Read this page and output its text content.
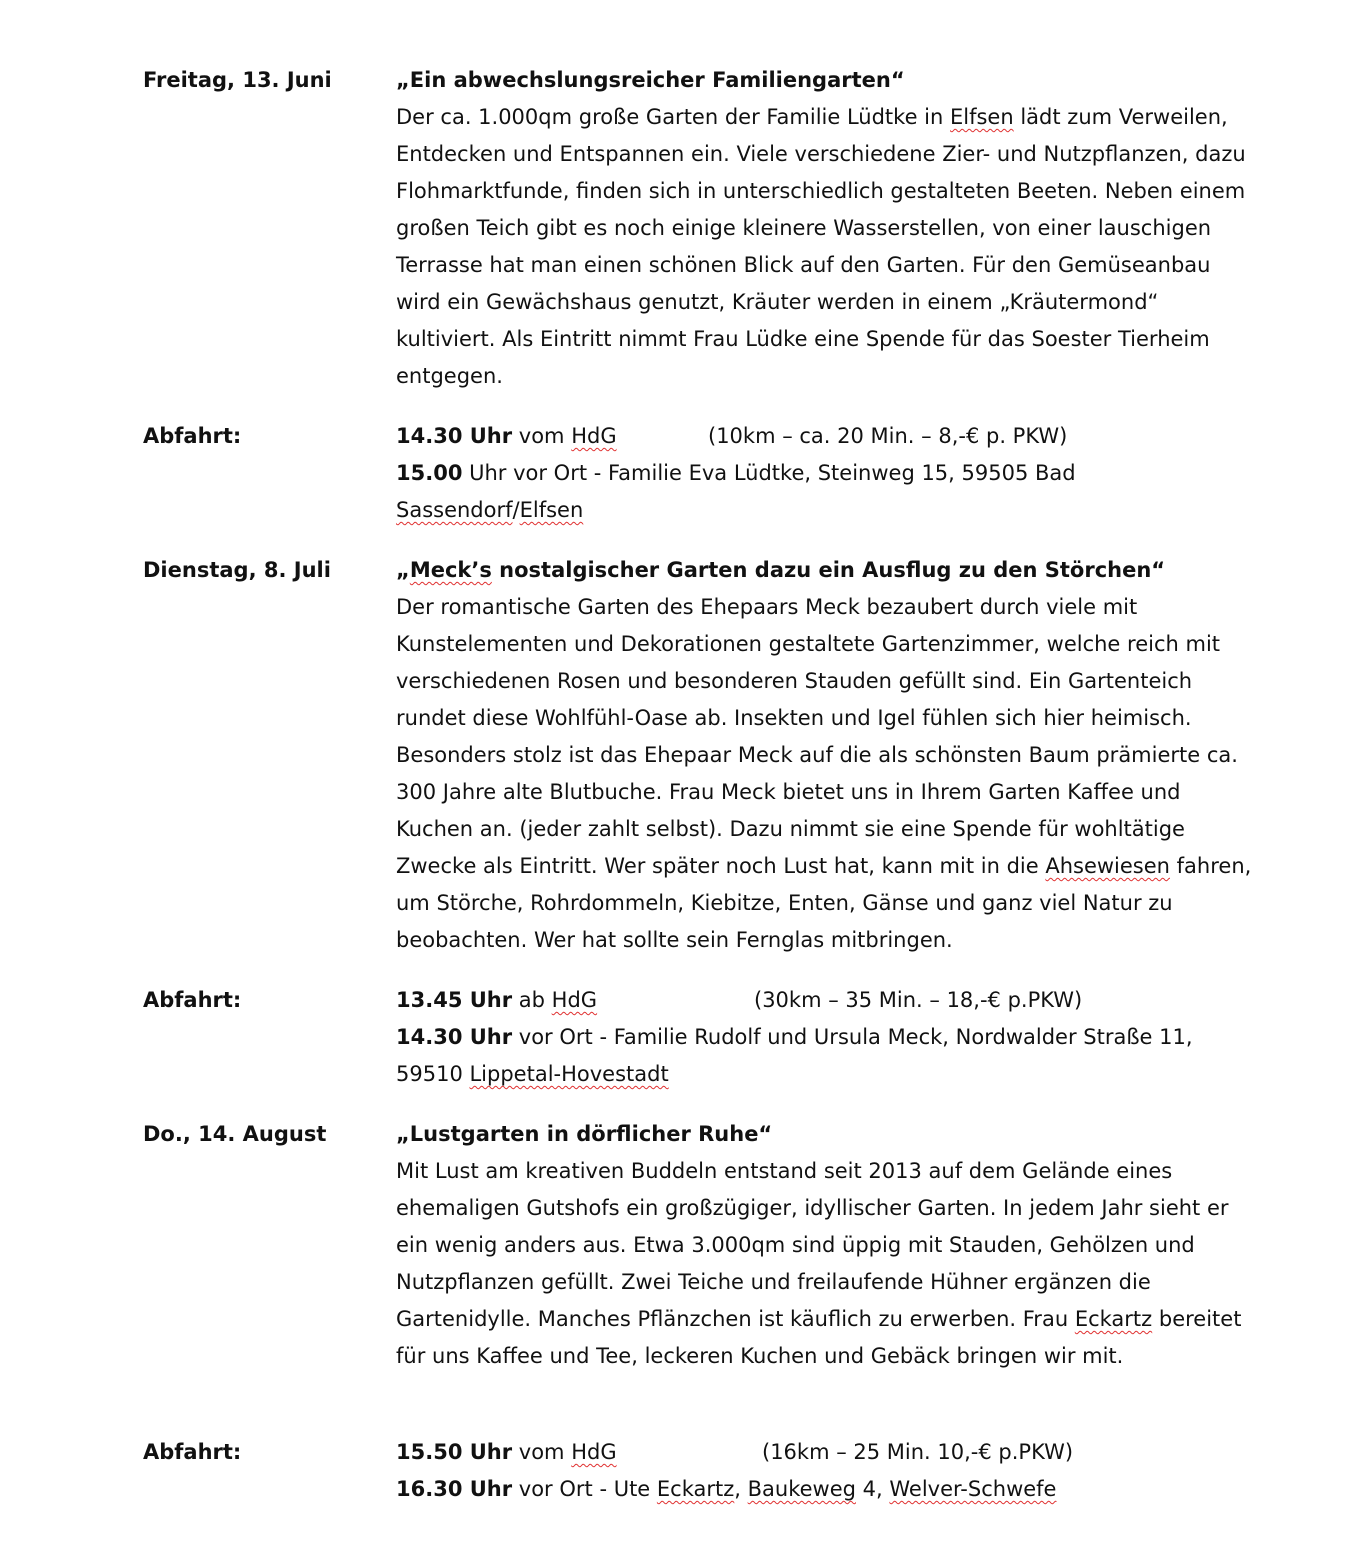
Freitag, 13. Juni	„Ein abwechslungsreicher Familiengarten“
Der ca. 1.000qm große Garten der Familie Lüdtke in Elfsen lädt zum Verweilen, Entdecken und Entspannen ein. Viele verschiedene Zier- und Nutzpflanzen, dazu Flohmarktfunde, finden sich in unterschiedlich gestalteten Beeten. Neben einem großen Teich gibt es noch einige kleinere Wasserstellen, von einer lauschigen Terrasse hat man einen schönen Blick auf den Garten. Für den Gemüseanbau wird ein Gewächshaus genutzt, Kräuter werden in einem „Kräutermond“ kultiviert. Als Eintritt nimmt Frau Lüdke eine Spende für das Soester Tierheim entgegen.
Abfahrt:	14.30 Uhr vom HdG	(10km – ca. 20 Min. – 8,-€ p. PKW)
15.00 Uhr vor Ort - Familie Eva Lüdtke, Steinweg 15, 59505 Bad Sassendorf/Elfsen
Dienstag, 8. Juli	„Meck’s nostalgischer Garten dazu ein Ausflug zu den Störchen“
Der romantische Garten des Ehepaars Meck bezaubert durch viele mit Kunstelementen und Dekorationen gestaltete Gartenzimmer, welche reich mit verschiedenen Rosen und besonderen Stauden gefüllt sind. Ein Gartenteich rundet diese Wohlfühl-Oase ab. Insekten und Igel fühlen sich hier heimisch. Besonders stolz ist das Ehepaar Meck auf die als schönsten Baum prämierte ca. 300 Jahre alte Blutbuche. Frau Meck bietet uns in Ihrem Garten Kaffee und Kuchen an. (jeder zahlt selbst). Dazu nimmt sie eine Spende für wohltätige Zwecke als Eintritt. Wer später noch Lust hat, kann mit in die Ahsewiesen fahren, um Störche, Rohrdommeln, Kiebitze, Enten, Gänse und ganz viel Natur zu beobachten. Wer hat sollte sein Fernglas mitbringen.
Abfahrt:	13.45 Uhr ab HdG	(30km – 35 Min. – 18,-€ p.PKW)
14.30 Uhr vor Ort - Familie Rudolf und Ursula Meck, Nordwalder Straße 11, 59510 Lippetal-Hovestadt
Do., 14. August	„Lustgarten in dörflicher Ruhe“
Mit Lust am kreativen Buddeln entstand seit 2013 auf dem Gelände eines ehemaligen Gutshofs ein großzügiger, idyllischer Garten. In jedem Jahr sieht er ein wenig anders aus. Etwa 3.000qm sind üppig mit Stauden, Gehölzen und Nutzpflanzen gefüllt. Zwei Teiche und freilaufende Hühner ergänzen die Gartenidylle. Manches Pflänzchen ist käuflich zu erwerben. Frau Eckartz bereitet für uns Kaffee und Tee, leckeren Kuchen und Gebäck bringen wir mit.
Abfahrt:	15.50 Uhr vom HdG	(16km – 25 Min. 10,-€ p.PKW)
16.30 Uhr vor Ort - Ute Eckartz, Baukeweg 4, Welver-Schwefe
